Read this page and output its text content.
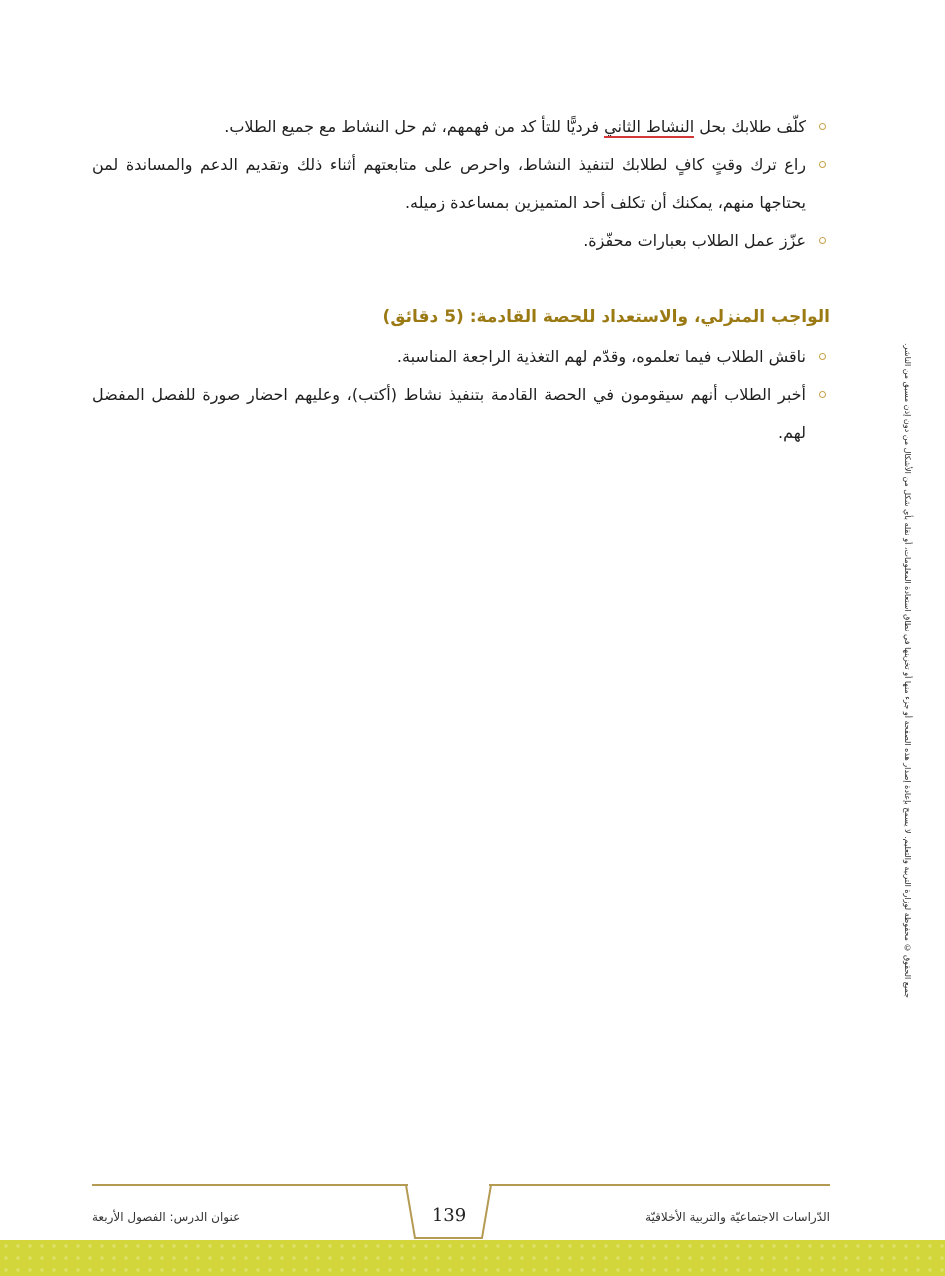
كلّف طلابك بحل النشاط الثاني فرديًّا للتأ كد من فهمهم، ثم حل النشاط مع جميع الطلاب.
راع ترك وقتٍ كافٍ لطلابك لتنفيذ النشاط، واحرص على متابعتهم أثناء ذلك وتقديم الدعم والمساندة لمن يحتاجها منهم، يمكنك أن تكلف أحد المتميزين بمساعدة زميله.
عزّز عمل الطلاب بعبارات محفّزة.
الواجب المنزلي، والاستعداد للحصة القادمة: (5 دقائق)
ناقش الطلاب فيما تعلموه، وقدّم لهم التغذية الراجعة المناسبة.
أخبر الطلاب أنهم سيقومون في الحصة القادمة بتنفيذ نشاط (أكتب)، وعليهم احضار صورة للفصل المفضل لهم.	جميع الحقوق © محفوظة لوزارة التربية والتعليم. لا يسمح بإعادة إصدار هذه الصفحة أو جزء منها أو تخزينها في نطاق استعادة المعلومات، أو نقله بأي شكل من الأشكال من دون إذن مسبق من الناشر.
139
عنوان الدرس: الفصول الأربعة	الدّراسات الاجتماعيّة والتربية الأخلاقيّة
